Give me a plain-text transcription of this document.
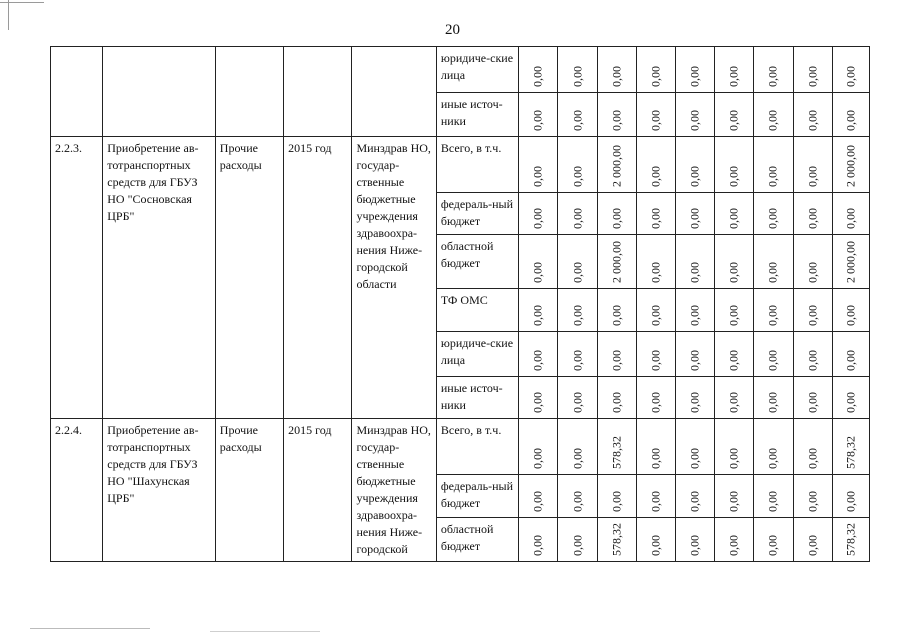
20
					юридиче-ские лица	0,00	0,00	0,00	0,00	0,00	0,00	0,00	0,00	0,00

					иные источ-ники	0,00	0,00	0,00	0,00	0,00	0,00	0,00	0,00	0,00

2.2.3.	Приобретение ав-тотранспортных средств для ГБУЗ НО "Сосновская ЦРБ"	Прочие расходы	2015 год	Минздрав НО, государ-ственные бюджетные учреждения здравоохра-нения Ниже-городской области	Всего, в т.ч.	0,00	0,00	2 000,00	0,00	0,00	0,00	0,00	0,00	2 000,00

					федераль-ный бюджет	0,00	0,00	0,00	0,00	0,00	0,00	0,00	0,00	0,00

					областной бюджет	0,00	0,00	2 000,00	0,00	0,00	0,00	0,00	0,00	2 000,00

					ТФ ОМС	0,00	0,00	0,00	0,00	0,00	0,00	0,00	0,00	0,00

					юридиче-ские лица	0,00	0,00	0,00	0,00	0,00	0,00	0,00	0,00	0,00

					иные источ-ники	0,00	0,00	0,00	0,00	0,00	0,00	0,00	0,00	0,00

2.2.4.	Приобретение ав-тотранспортных средств для ГБУЗ НО "Шахунская ЦРБ"	Прочие расходы	2015 год	Минздрав НО, государ-ственные бюджетные учреждения здравоохра-нения Ниже-городской	Всего, в т.ч.	0,00	0,00	578,32	0,00	0,00	0,00	0,00	0,00	578,32

					федераль-ный бюджет	0,00	0,00	0,00	0,00	0,00	0,00	0,00	0,00	0,00

					областной бюджет	0,00	0,00	578,32	0,00	0,00	0,00	0,00	0,00	578,32
